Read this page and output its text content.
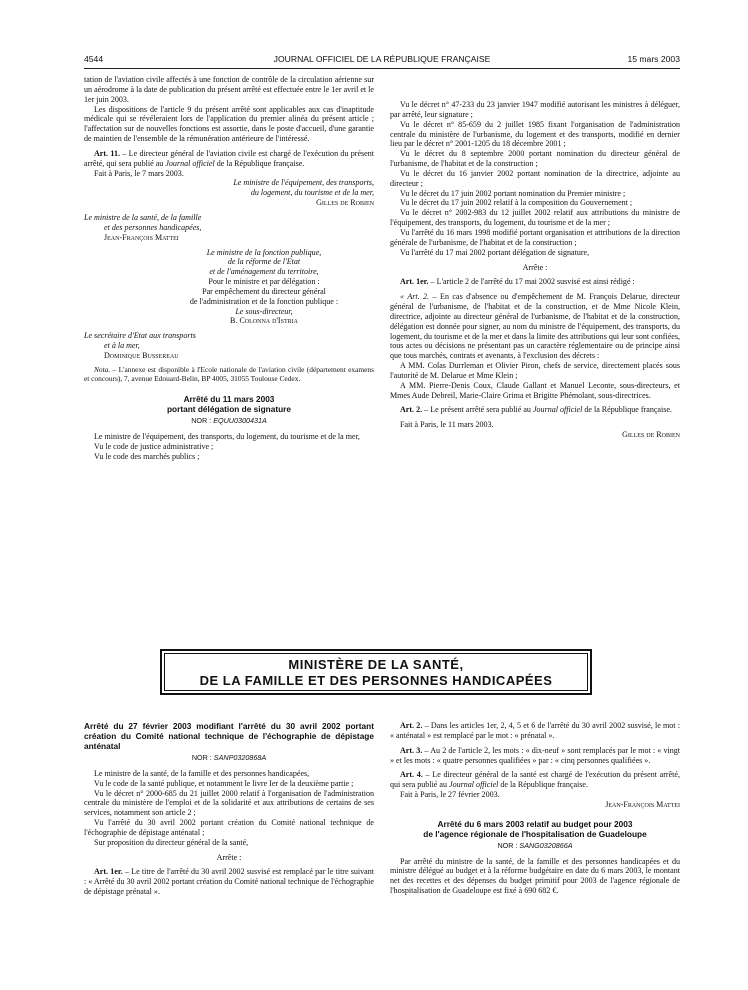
4544	JOURNAL OFFICIEL DE LA RÉPUBLIQUE FRANÇAISE	15 mars 2003

tation de l'aviation civile affectés à une fonction de contrôle de la circulation aérienne sur un aérodrome à la date de publication du présent arrêté est effectuée entre le 1er avril et le 1er juin 2003.

Les dispositions de l'article 9 du présent arrêté sont applicables aux cas d'inaptitude médicale qui se révéleraient lors de l'application du premier alinéa du présent article ; l'affectation sur de nouvelles fonctions est assortie, dans le poste d'accueil, d'une garantie de maintien de l'ensemble de la rémunération antérieure de l'intéressé.

Art. 11. – Le directeur général de l'aviation civile est chargé de l'exécution du présent arrêté, qui sera publié au Journal officiel de la République française.

Fait à Paris, le 7 mars 2003.

Le ministre de l'équipement, des transports,
du logement, du tourisme et de la mer,
Gilles de Robien
Le ministre de la santé, de la famille
et des personnes handicapées,
Jean-François Mattei
Le ministre de la fonction publique,
de la réforme de l'Etat
et de l'aménagement du territoire,
Pour le ministre et par délégation :
Par empêchement du directeur général
de l'administration et de la fonction publique :
Le sous-directeur,
B. Colonna d'Istria
Le secrétaire d'Etat aux transports
et à la mer,
Dominique Bussereau

Nota. – L'annexe est disponible à l'Ecole nationale de l'aviation civile (département examens et concours), 7, avenue Edouard-Belin, BP 4005, 31055 Toulouse Cedex.

Arrêté du 11 mars 2003
portant délégation de signature
NOR : EQUU0300431A

Le ministre de l'équipement, des transports, du logement, du tourisme et de la mer,

Vu le code de justice administrative ;

Vu le code des marchés publics ;

Vu le décret n° 47-233 du 23 janvier 1947 modifié autorisant les ministres à déléguer, par arrêté, leur signature ;

Vu le décret n° 85-659 du 2 juillet 1985 fixant l'organisation de l'administration centrale du ministère de l'urbanisme, du logement et des transports, modifié en dernier lieu par le décret n° 2001-1205 du 18 décembre 2001 ;

Vu le décret du 8 septembre 2000 portant nomination du directeur général de l'urbanisme, de l'habitat et de la construction ;

Vu le décret du 16 janvier 2002 portant nomination de la directrice, adjointe au directeur ;

Vu le décret du 17 juin 2002 portant nomination du Premier ministre ;

Vu le décret du 17 juin 2002 relatif à la composition du Gouvernement ;

Vu le décret n° 2002-983 du 12 juillet 2002 relatif aux attributions du ministre de l'équipement, des transports, du logement, du tourisme et de la mer ;

Vu l'arrêté du 16 mars 1998 modifié portant organisation et attributions de la direction générale de l'urbanisme, de l'habitat et de la construction ;

Vu l'arrêté du 17 mai 2002 portant délégation de signature,

Arrête :

Art. 1er. – L'article 2 de l'arrêté du 17 mai 2002 susvisé est ainsi rédigé :

« Art. 2. – En cas d'absence ou d'empêchement de M. François Delarue, directeur général de l'urbanisme, de l'habitat et de la construction, et de Mme Nicole Klein, directrice, adjointe au directeur général de l'urbanisme, de l'habitat et de la construction, délégation est donnée pour signer, au nom du ministre de l'équipement, des transports, du logement, du tourisme et de la mer et dans la limite des attributions qui leur sont confiées, tous actes ou décisions ne présentant pas un caractère réglementaire ou de principe ainsi que tous marchés, contrats et avenants, à l'exclusion des décrets :

A MM. Colas Durrleman et Olivier Piron, chefs de service, directement placés sous l'autorité de M. Delarue et Mme Klein ;

A MM. Pierre-Denis Coux, Claude Gallant et Manuel Leconte, sous-directeurs, et Mmes Aude Debreil, Marie-Claire Grima et Brigitte Phémolant, sous-directrices.

Art. 2. – Le présent arrêté sera publié au Journal officiel de la République française.

Fait à Paris, le 11 mars 2003.

Gilles de Robien

MINISTÈRE DE LA SANTÉ,
DE LA FAMILLE ET DES PERSONNES HANDICAPÉES

Arrêté du 27 février 2003 modifiant l'arrêté du 30 avril 2002 portant création du Comité national technique de l'échographie de dépistage anténatal

NOR : SANP0320868A

Le ministre de la santé, de la famille et des personnes handicapées,

Vu le code de la santé publique, et notamment le livre Ier de la deuxième partie ;

Vu le décret n° 2000-685 du 21 juillet 2000 relatif à l'organisation de l'administration centrale du ministère de l'emploi et de la solidarité et aux attributions de certains de ses services, notamment son article 2 ;

Vu l'arrêté du 30 avril 2002 portant création du Comité national technique de l'échographie de dépistage anténatal ;

Sur proposition du directeur général de la santé,

Arrête :

Art. 1er. – Le titre de l'arrêté du 30 avril 2002 susvisé est remplacé par le titre suivant : « Arrêté du 30 avril 2002 portant création du Comité national technique de l'échographie de dépistage prénatal ».

Art. 2. – Dans les articles 1er, 2, 4, 5 et 6 de l'arrêté du 30 avril 2002 susvisé, le mot : « anténatal » est remplacé par le mot : « prénatal ».

Art. 3. – Au 2 de l'article 2, les mots : « dix-neuf » sont remplacés par le mot : « vingt » et les mots : « quatre personnes qualifiées » par : « cinq personnes qualifiées ».

Art. 4. – Le directeur général de la santé est chargé de l'exécution du présent arrêté, qui sera publié au Journal officiel de la République française.

Fait à Paris, le 27 février 2003.

Jean-François Mattei

Arrêté du 6 mars 2003 relatif au budget pour 2003
de l'agence régionale de l'hospitalisation de Guadeloupe
NOR : SANG0320866A

Par arrêté du ministre de la santé, de la famille et des personnes handicapées et du ministre délégué au budget et à la réforme budgétaire en date du 6 mars 2003, le montant net des recettes et des dépenses du budget primitif pour 2003 de l'agence régionale de l'hospitalisation de Guadeloupe est fixé à 690 682 €.
